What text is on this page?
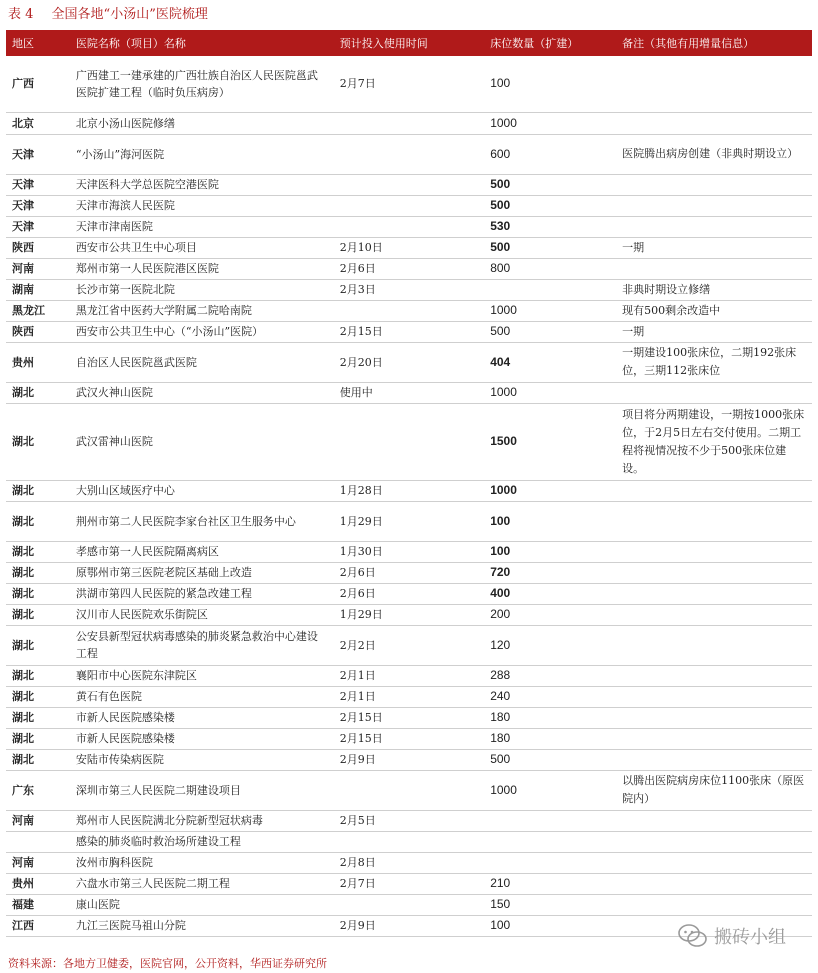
表 4 全国各地“小汤山”医院梳理
地区	医院名称（项目）名称	预计投入使用时间	床位数量（扩建）	备注（其他有用增量信息）
广西	广西建工一建承建的广西壮族自治区人民医院邕武医院扩建工程（临时负压病房）	2月7日	100	
北京	北京小汤山医院修缮		1000	
天津	“小汤山”海河医院		600	医院腾出病房创建（非典时期设立）
天津	天津医科大学总医院空港医院		500	
天津	天津市海滨人民医院		500	
天津	天津市津南医院		530	
陕西	西安市公共卫生中心项目	2月10日	500	一期
河南	郑州市第一人民医院港区医院	2月6日	800	
湖南	长沙市第一医院北院	2月3日		非典时期设立修缮
黑龙江	黑龙江省中医药大学附属二院哈南院		1000	现有500剩余改造中
陕西	西安市公共卫生中心（“小汤山”医院）	2月15日	500	一期
贵州	自治区人民医院邕武医院	2月20日	404	一期建设100张床位，二期192张床位，三期112张床位
湖北	武汉火神山医院	使用中	1000	
湖北	武汉雷神山医院		1500	项目将分两期建设，一期按1000张床位，于2月5日左右交付使用。二期工程将视情况按不少于500张床位建设。
湖北	大别山区域医疗中心	1月28日	1000	
湖北	荆州市第二人民医院李家台社区卫生服务中心	1月29日	100	
湖北	孝感市第一人民医院隔离病区	1月30日	100	
湖北	原鄂州市第三医院老院区基础上改造	2月6日	720	
湖北	洪湖市第四人民医院的紧急改建工程	2月6日	400	
湖北	汉川市人民医院欢乐街院区	1月29日	200	
湖北	公安县新型冠状病毒感染的肺炎紧急救治中心建设工程	2月2日	120	
湖北	襄阳市中心医院东津院区	2月1日	288	
湖北	黄石有色医院	2月1日	240	
湖北	市新人民医院感染楼	2月15日	180	
湖北	市新人民医院感染楼	2月15日	180	
湖北	安陆市传染病医院	2月9日	500	
广东	深圳市第三人民医院二期建设项目		1000	以腾出医院病房床位1100张床（原医院内）
河南	郑州市人民医院满北分院新型冠状病毒	2月5日		
	感染的肺炎临时救治场所建设工程			
河南	汝州市胸科医院	2月8日		
贵州	六盘水市第三人民医院二期工程	2月7日	210	
福建	康山医院		150	
江西	九江三医院马祖山分院	2月9日	100	
资料来源：各地方卫健委，医院官网，公开资料，华西证券研究所
搬砖小组
